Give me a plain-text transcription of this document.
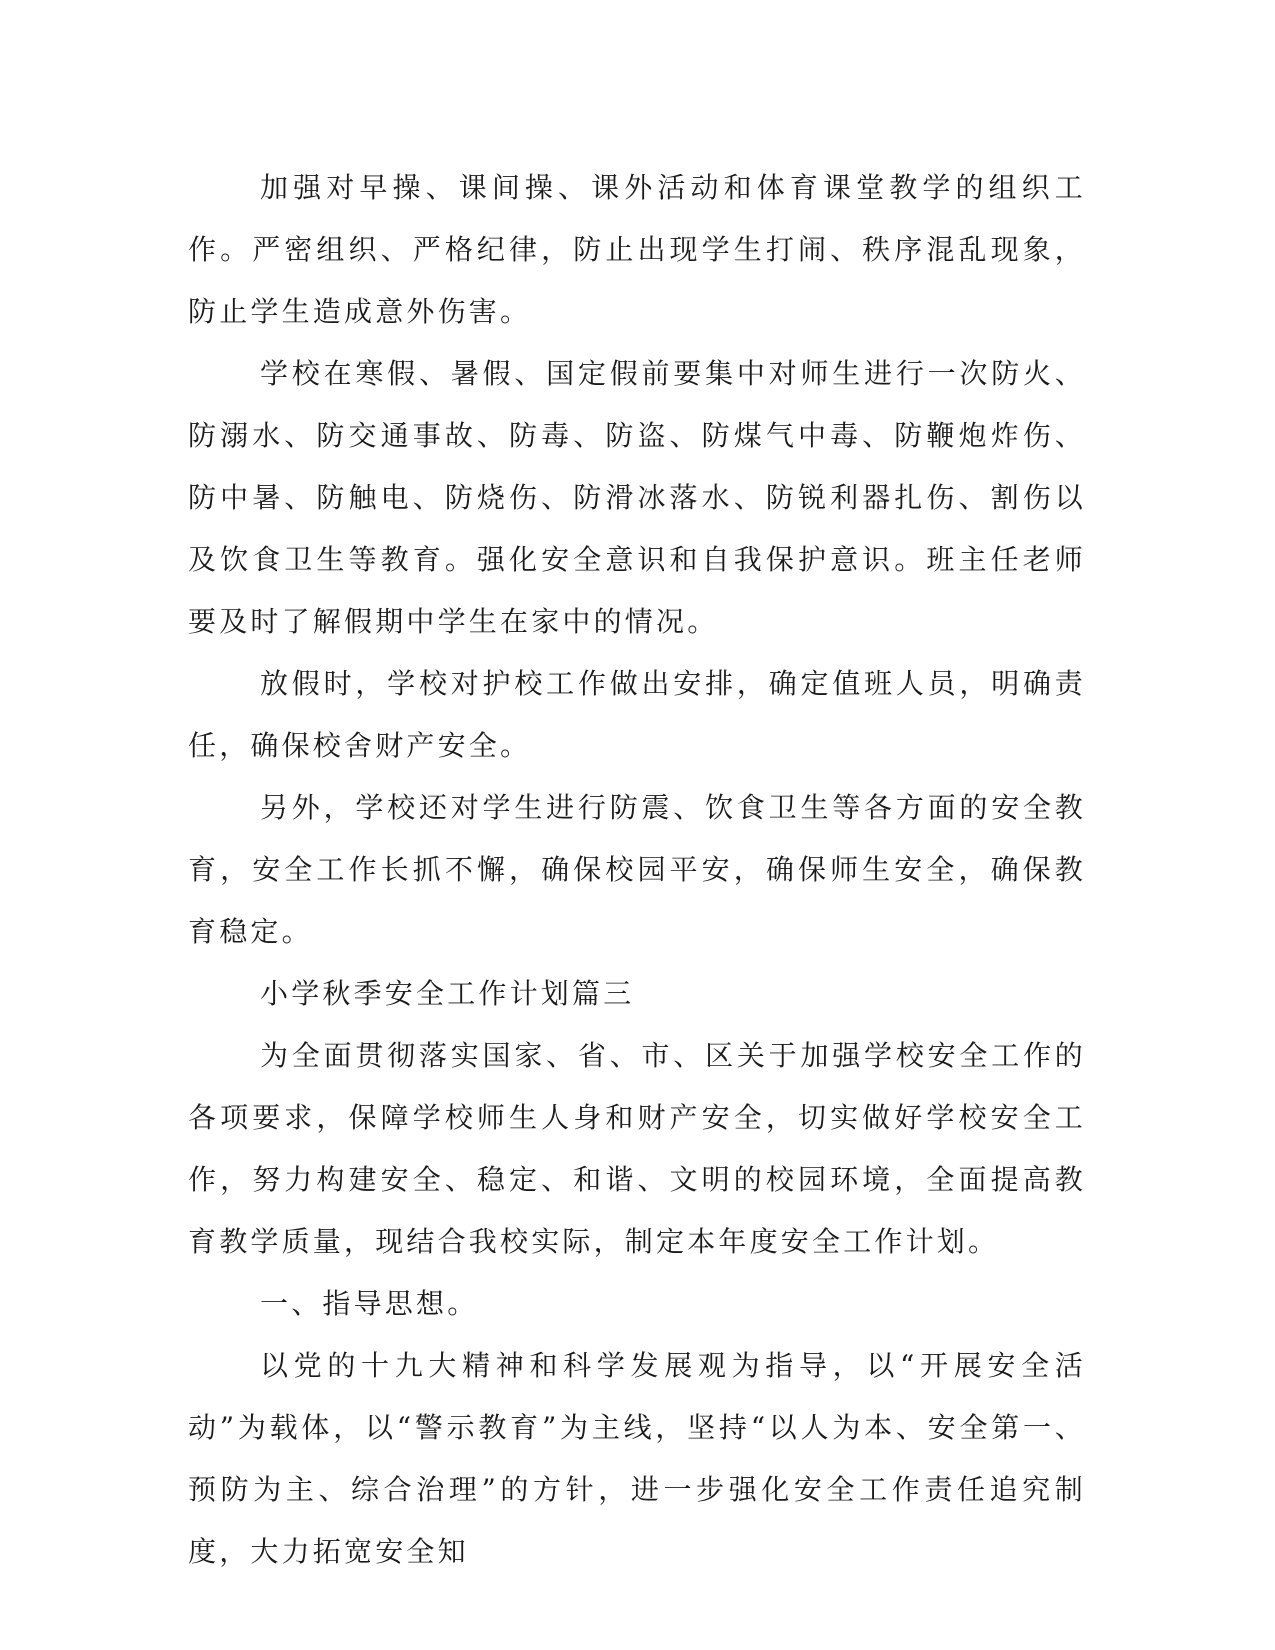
加强对早操、课间操、课外活动和体育课堂教学的组织工作。严密组织、严格纪律，防止出现学生打闹、秩序混乱现象，防止学生造成意外伤害。

学校在寒假、暑假、国定假前要集中对师生进行一次防火、防溺水、防交通事故、防毒、防盗、防煤气中毒、防鞭炮炸伤、防中暑、防触电、防烧伤、防滑冰落水、防锐利器扎伤、割伤以及饮食卫生等教育。强化安全意识和自我保护意识。班主任老师要及时了解假期中学生在家中的情况。

放假时，学校对护校工作做出安排，确定值班人员，明确责任，确保校舍财产安全。

另外，学校还对学生进行防震、饮食卫生等各方面的安全教育，安全工作长抓不懈，确保校园平安，确保师生安全，确保教育稳定。

小学秋季安全工作计划篇三

为全面贯彻落实国家、省、市、区关于加强学校安全工作的各项要求，保障学校师生人身和财产安全，切实做好学校安全工作，努力构建安全、稳定、和谐、文明的校园环境，全面提高教育教学质量，现结合我校实际，制定本年度安全工作计划。

一、指导思想。

以党的十九大精神和科学发展观为指导，以“开展安全活动”为载体，以“警示教育”为主线，坚持“以人为本、安全第一、预防为主、综合治理”的方针，进一步强化安全工作责任追究制度，大力拓宽安全知
